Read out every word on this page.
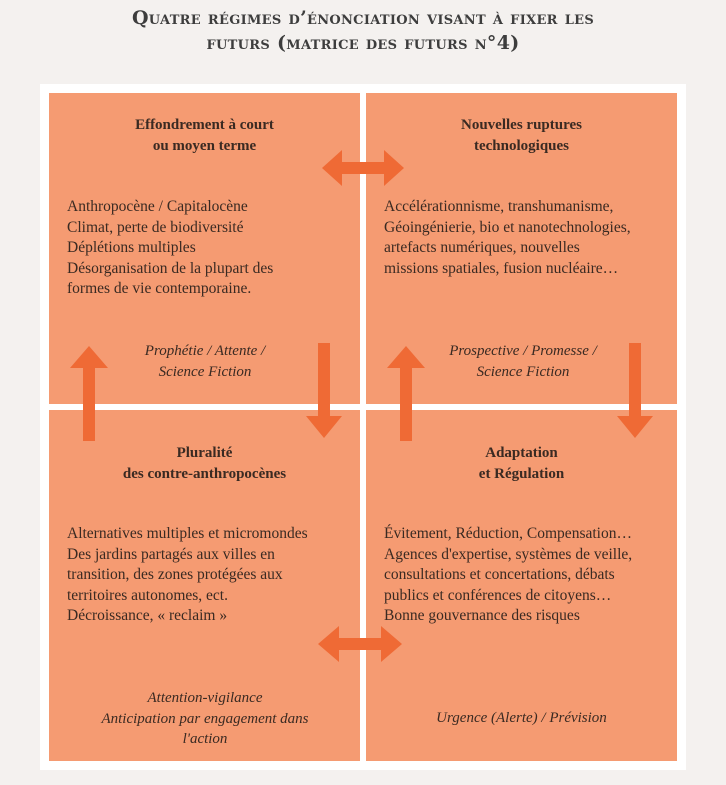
Quatre régimes d’énonciation visant à fixer les
futurs (matrice des futurs n°4)
Effondrement à court
ou moyen terme
Anthropocène / Capitalocène
Climat, perte de biodiversité
Déplétions multiples
Désorganisation de la plupart des
formes de vie contemporaine.
Prophétie / Attente /
Science Fiction
Nouvelles ruptures
technologiques
Accélérationnisme, transhumanisme,
Géoingénierie, bio et nanotechnologies,
artefacts numériques, nouvelles
missions spatiales, fusion nucléaire…
Prospective / Promesse /
Science Fiction
Pluralité
des contre-anthropocènes
Alternatives multiples et micromondes
Des jardins partagés aux villes en
transition, des zones protégées aux
territoires autonomes, ect.
Décroissance, « reclaim »
Attention-vigilance
Anticipation par engagement dans
l'action
Adaptation
et Régulation
Évitement, Réduction, Compensation…
Agences d'expertise, systèmes de veille,
consultations et concertations, débats
publics et conférences de citoyens…
Bonne gouvernance des risques
Urgence (Alerte) / Prévision
